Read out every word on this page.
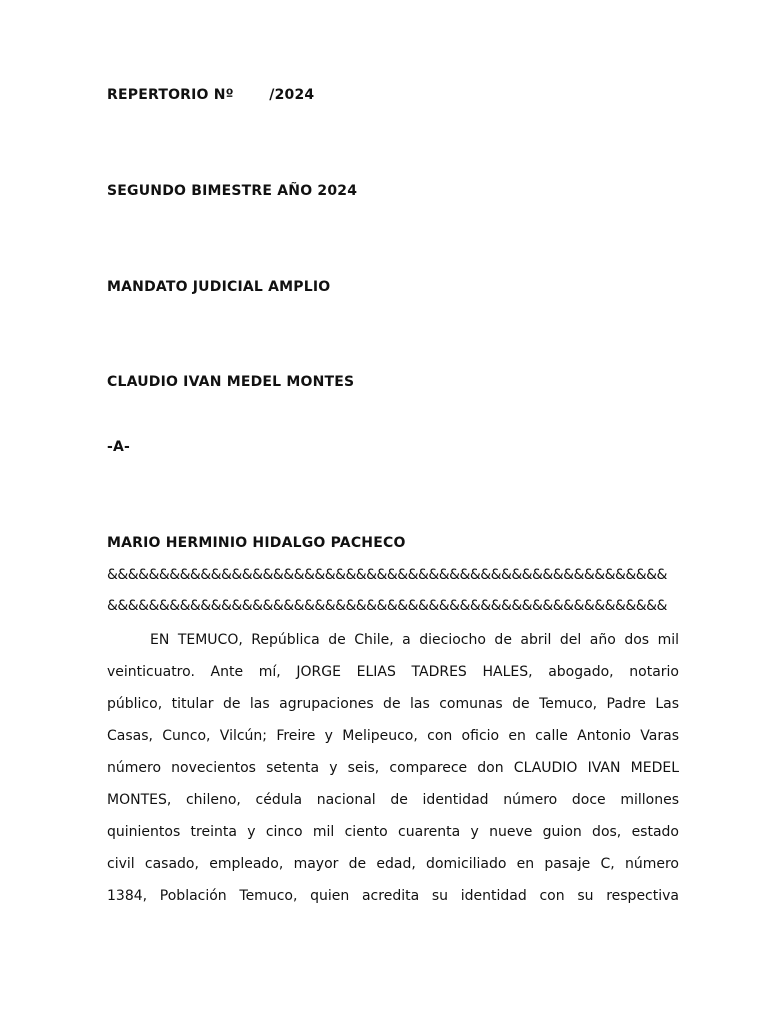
REPERTORIO Nº       /2024
SEGUNDO BIMESTRE AÑO 2024
MANDATO JUDICIAL AMPLIO
CLAUDIO IVAN MEDEL MONTES
-A-
MARIO HERMINIO HIDALGO PACHECO
&&&&&&&&&&&&&&&&&&&&&&&&&&&&&&&&&&&&&&&&&&&&&&&&&&&&&&
&&&&&&&&&&&&&&&&&&&&&&&&&&&&&&&&&&&&&&&&&&&&&&&&&&&&&&
EN TEMUCO, República de Chile, a dieciocho de abril del año dos mil
veinticuatro. Ante mí, JORGE ELIAS TADRES HALES, abogado, notario
público, titular de las agrupaciones de las comunas de Temuco, Padre Las
Casas, Cunco, Vilcún; Freire y Melipeuco, con oficio en calle Antonio Varas
número novecientos setenta y seis, comparece don CLAUDIO IVAN MEDEL
MONTES, chileno, cédula nacional de identidad número doce millones
quinientos treinta y cinco mil ciento cuarenta y nueve guion dos, estado
civil casado, empleado, mayor de edad, domiciliado en pasaje C, número
1384, Población Temuco, quien acredita su identidad con su respectiva
